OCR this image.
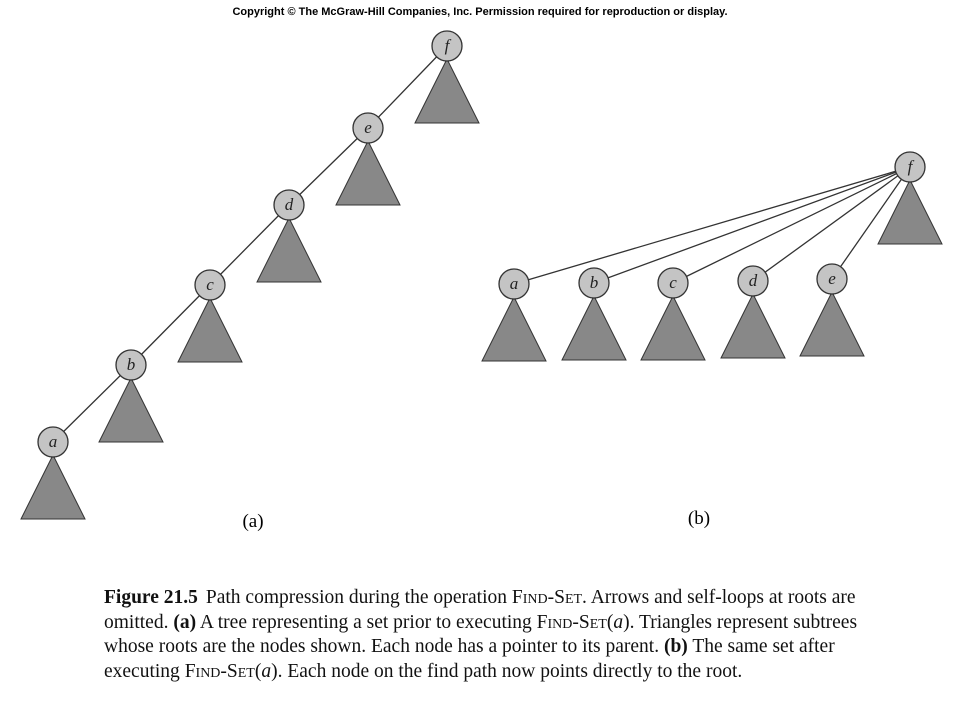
Copyright © The McGraw-Hill Companies, Inc. Permission required for reproduction or display.
a
b
c
d
e
f
(a)
a	b	c	d	e
f
(b)
Figure 21.5 Path compression during the operation Find-Set. Arrows and self-loops at roots are
omitted. (a) A tree representing a set prior to executing Find-Set(a). Triangles represent subtrees
whose roots are the nodes shown. Each node has a pointer to its parent. (b) The same set after
executing Find-Set(a). Each node on the find path now points directly to the root.
